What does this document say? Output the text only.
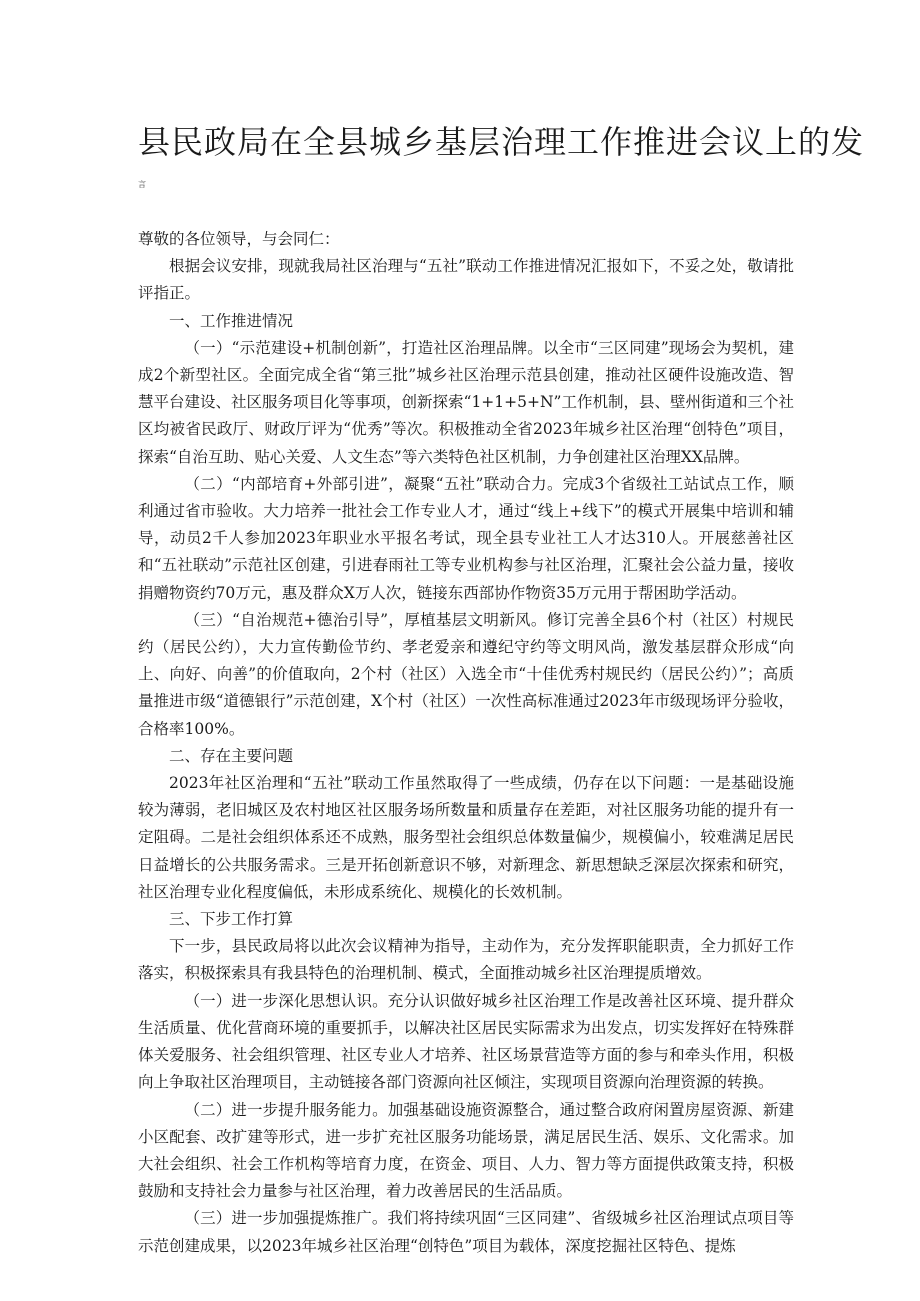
县民政局在全县城乡基层治理工作推进会议上的发
言

尊敬的各位领导，与会同仁：

根据会议安排，现就我局社区治理与“五社”联动工作推进情况汇报如下，不妥之处，敬请批评指正。

一、工作推进情况

（一）“示范建设+机制创新”，打造社区治理品牌。以全市“三区同建”现场会为契机，建成2个新型社区。全面完成全省“第三批”城乡社区治理示范县创建，推动社区硬件设施改造、智慧平台建设、社区服务项目化等事项，创新探索“1+1+5+N”工作机制，县、壁州街道和三个社区均被省民政厅、财政厅评为“优秀”等次。积极推动全省2023年城乡社区治理“创特色”项目，探索“自治互助、贴心关爱、人文生态”等六类特色社区机制，力争创建社区治理XX品牌。

（二）“内部培育+外部引进”，凝聚“五社”联动合力。完成3个省级社工站试点工作，顺利通过省市验收。大力培养一批社会工作专业人才，通过“线上+线下”的模式开展集中培训和辅导，动员2千人参加2023年职业水平报名考试，现全县专业社工人才达310人。开展慈善社区和“五社联动”示范社区创建，引进春雨社工等专业机构参与社区治理，汇聚社会公益力量，接收捐赠物资约70万元，惠及群众X万人次，链接东西部协作物资35万元用于帮困助学活动。

（三）“自治规范+德治引导”，厚植基层文明新风。修订完善全县6个村（社区）村规民约（居民公约），大力宣传勤俭节约、孝老爱亲和遵纪守约等文明风尚，激发基层群众形成“向上、向好、向善”的价值取向，2个村（社区）入选全市“十佳优秀村规民约（居民公约）”；高质量推进市级“道德银行”示范创建，X个村（社区）一次性高标准通过2023年市级现场评分验收，合格率100%。

二、存在主要问题

2023年社区治理和“五社”联动工作虽然取得了一些成绩，仍存在以下问题：一是基础设施较为薄弱，老旧城区及农村地区社区服务场所数量和质量存在差距，对社区服务功能的提升有一定阻碍。二是社会组织体系还不成熟，服务型社会组织总体数量偏少，规模偏小，较难满足居民日益增长的公共服务需求。三是开拓创新意识不够，对新理念、新思想缺乏深层次探索和研究，社区治理专业化程度偏低，未形成系统化、规模化的长效机制。

三、下步工作打算

下一步，县民政局将以此次会议精神为指导，主动作为，充分发挥职能职责，全力抓好工作落实，积极探索具有我县特色的治理机制、模式，全面推动城乡社区治理提质增效。

（一）进一步深化思想认识。充分认识做好城乡社区治理工作是改善社区环境、提升群众生活质量、优化营商环境的重要抓手，以解决社区居民实际需求为出发点，切实发挥好在特殊群体关爱服务、社会组织管理、社区专业人才培养、社区场景营造等方面的参与和牵头作用，积极向上争取社区治理项目，主动链接各部门资源向社区倾注，实现项目资源向治理资源的转换。

（二）进一步提升服务能力。加强基础设施资源整合，通过整合政府闲置房屋资源、新建小区配套、改扩建等形式，进一步扩充社区服务功能场景，满足居民生活、娱乐、文化需求。加大社会组织、社会工作机构等培育力度，在资金、项目、人力、智力等方面提供政策支持，积极鼓励和支持社会力量参与社区治理，着力改善居民的生活品质。

（三）进一步加强提炼推广。我们将持续巩固“三区同建”、省级城乡社区治理试点项目等示范创建成果，以2023年城乡社区治理“创特色”项目为载体，深度挖掘社区特色、提炼
